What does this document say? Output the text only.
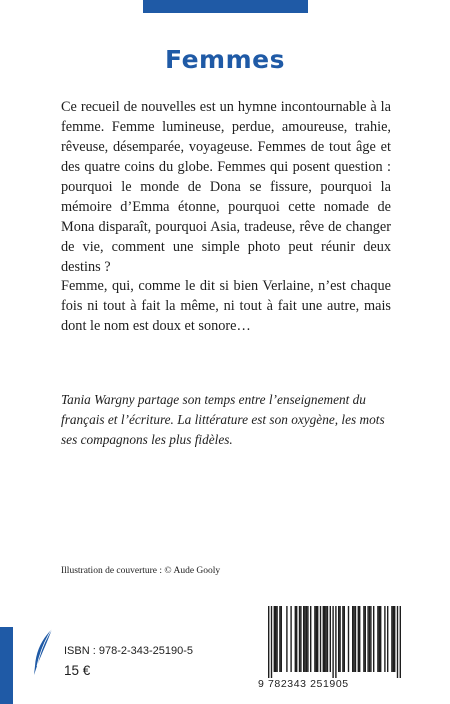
Femmes

Ce recueil de nouvelles est un hymne incontournable à la femme. Femme lumineuse, perdue, amoureuse, trahie, rêveuse, désemparée, voyageuse. Femmes de tout âge et des quatre coins du globe. Femmes qui posent question : pourquoi le monde de Dona se fissure, pourquoi la mémoire d’Emma étonne, pourquoi cette nomade de Mona disparaît, pourquoi Asia, tradeuse, rêve de changer de vie, comment une simple photo peut réunir deux destins ?

Femme, qui, comme le dit si bien Verlaine, n’est chaque fois ni tout à fait la même, ni tout à fait une autre, mais dont le nom est doux et sonore…

Tania Wargny partage son temps entre l’enseignement du français et l’écriture. La littérature est son oxygène, les mots ses compagnons les plus fidèles.

Illustration de couverture : © Aude Gooly
ISBN : 978-2-343-25190-5
15 €
9 782343 251905
